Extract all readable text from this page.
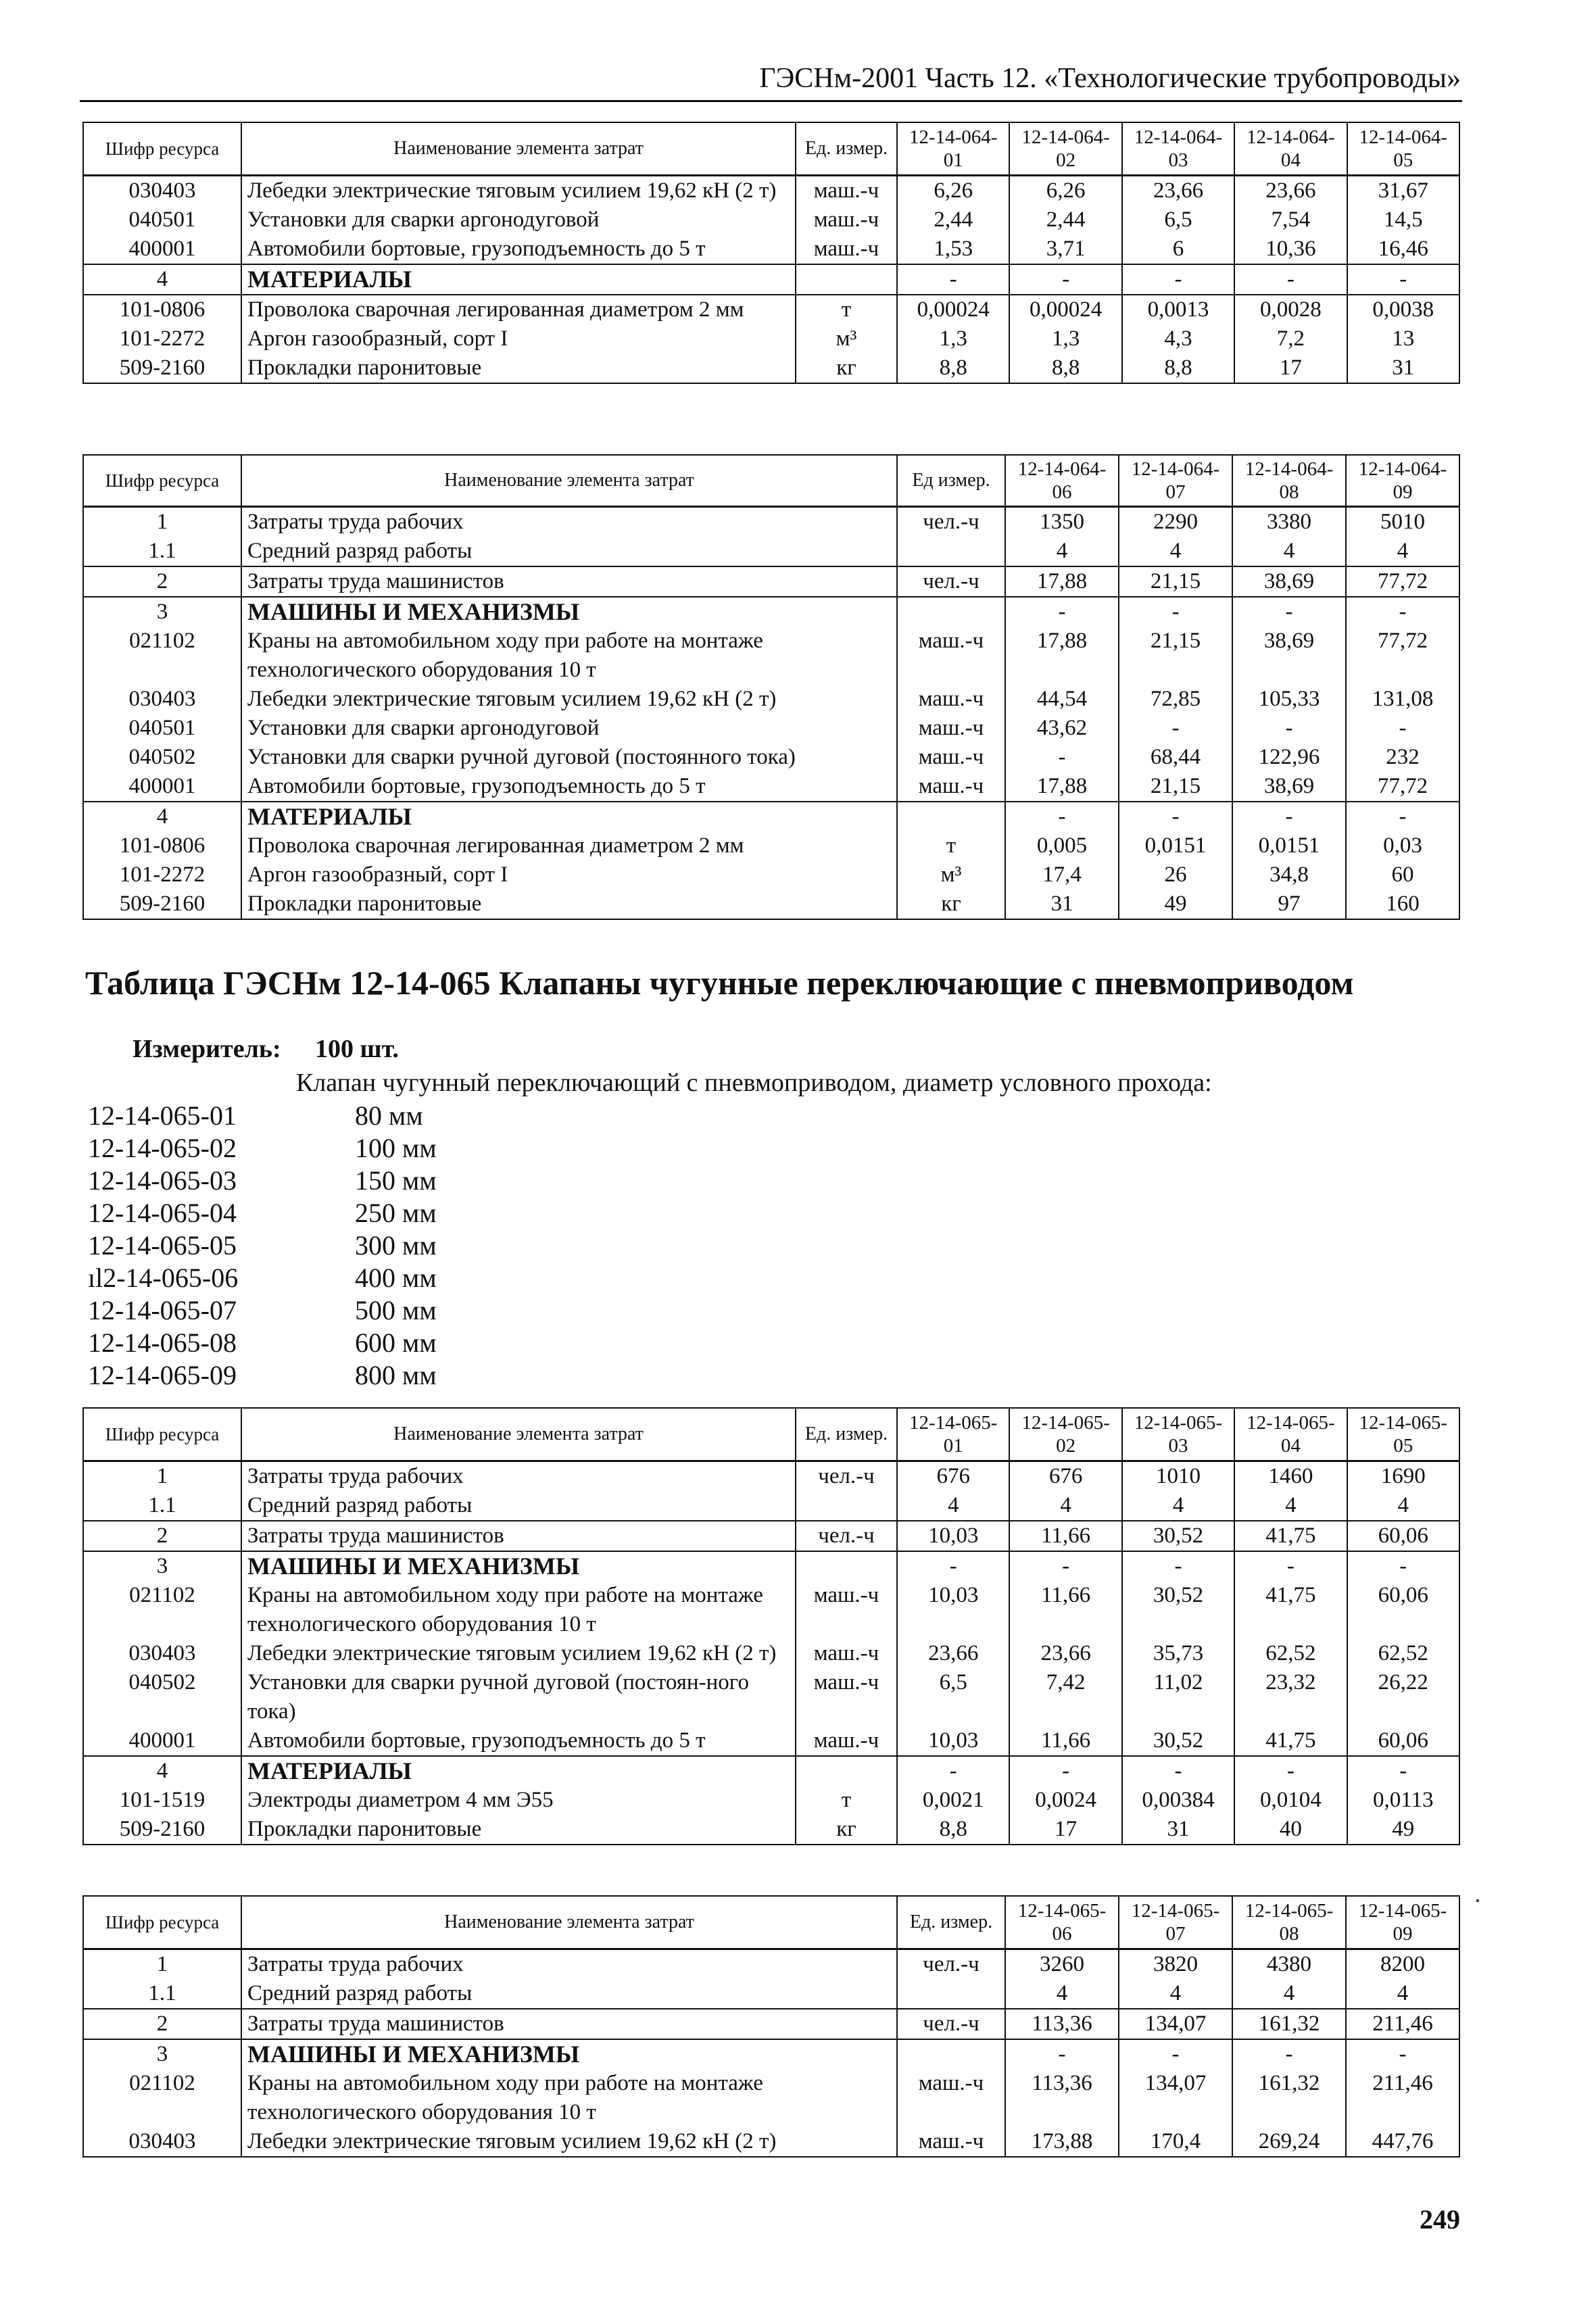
ГЭСНм-2001 Часть 12. «Технологические трубопроводы»
Шифр ресурса	Наименование элемента затрат	Ед. измер.	12-14-064-01	12-14-064-02	12-14-064-03	12-14-064-04	12-14-064-05
030403	Лебедки электрические тяговым усилием 19,62 кН (2 т)	маш.-ч	6,26	6,26	23,66	23,66	31,67
040501	Установки для сварки аргонодуговой	маш.-ч	2,44	2,44	6,5	7,54	14,5
400001	Автомобили бортовые, грузоподъемность до 5 т	маш.-ч	1,53	3,71	6	10,36	16,46
4	МАТЕРИАЛЫ		-	-	-	-	-
101-0806	Проволока сварочная легированная диаметром 2 мм	т	0,00024	0,00024	0,0013	0,0028	0,0038
101-2272	Аргон газообразный, сорт I	м³	1,3	1,3	4,3	7,2	13
509-2160	Прокладки паронитовые	кг	8,8	8,8	8,8	17	31
Шифр ресурса	Наименование элемента затрат	Ед измер.	12-14-064-06	12-14-064-07	12-14-064-08	12-14-064-09
1	Затраты труда рабочих	чел.-ч	1350	2290	3380	5010
1.1	Средний разряд работы		4	4	4	4
2	Затраты труда машинистов	чел.-ч	17,88	21,15	38,69	77,72
3	МАШИНЫ И МЕХАНИЗМЫ		-	-	-	-
021102	Краны на автомобильном ходу при работе на монтаже технологического оборудования 10 т	маш.-ч	17,88	21,15	38,69	77,72
030403	Лебедки электрические тяговым усилием 19,62 кН (2 т)	маш.-ч	44,54	72,85	105,33	131,08
040501	Установки для сварки аргонодуговой	маш.-ч	43,62	-	-	-
040502	Установки для сварки ручной дуговой (постоянного тока)	маш.-ч	-	68,44	122,96	232
400001	Автомобили бортовые, грузоподъемность до 5 т	маш.-ч	17,88	21,15	38,69	77,72
4	МАТЕРИАЛЫ		-	-	-	-
101-0806	Проволока сварочная легированная диаметром 2 мм	т	0,005	0,0151	0,0151	0,03
101-2272	Аргон газообразный, сорт I	м³	17,4	26	34,8	60
509-2160	Прокладки паронитовые	кг	31	49	97	160
Таблица ГЭСНм 12-14-065 Клапаны чугунные переключающие с пневмоприводом
Измеритель: 100 шт.
Клапан чугунный переключающий с пневмоприводом, диаметр условного прохода:
12-14-065-01	80 мм
12-14-065-02	100 мм
12-14-065-03	150 мм
12-14-065-04	250 мм
12-14-065-05	300 мм
ıl2-14-065-06	400 мм
12-14-065-07	500 мм
12-14-065-08	600 мм
12-14-065-09	800 мм
Шифр ресурса	Наименование элемента затрат	Ед. измер.	12-14-065-01	12-14-065-02	12-14-065-03	12-14-065-04	12-14-065-05
1	Затраты труда рабочих	чел.-ч	676	676	1010	1460	1690
1.1	Средний разряд работы		4	4	4	4	4
2	Затраты труда машинистов	чел.-ч	10,03	11,66	30,52	41,75	60,06
3	МАШИНЫ И МЕХАНИЗМЫ		-	-	-	-	-
021102	Краны на автомобильном ходу при работе на монтаже технологического оборудования 10 т	маш.-ч	10,03	11,66	30,52	41,75	60,06
030403	Лебедки электрические тяговым усилием 19,62 кН (2 т)	маш.-ч	23,66	23,66	35,73	62,52	62,52
040502	Установки для сварки ручной дуговой (постоян-ного тока)	маш.-ч	6,5	7,42	11,02	23,32	26,22
400001	Автомобили бортовые, грузоподъемность до 5 т	маш.-ч	10,03	11,66	30,52	41,75	60,06
4	МАТЕРИАЛЫ		-	-	-	-	-
101-1519	Электроды диаметром 4 мм Э55	т	0,0021	0,0024	0,00384	0,0104	0,0113
509-2160	Прокладки паронитовые	кг	8,8	17	31	40	49
Шифр ресурса	Наименование элемента затрат	Ед. измер.	12-14-065-06	12-14-065-07	12-14-065-08	12-14-065-09
1	Затраты труда рабочих	чел.-ч	3260	3820	4380	8200
1.1	Средний разряд работы		4	4	4	4
2	Затраты труда машинистов	чел.-ч	113,36	134,07	161,32	211,46
3	МАШИНЫ И МЕХАНИЗМЫ		-	-	-	-
021102	Краны на автомобильном ходу при работе на монтаже технологического оборудования 10 т	маш.-ч	113,36	134,07	161,32	211,46
030403	Лебедки электрические тяговым усилием 19,62 кН (2 т)	маш.-ч	173,88	170,4	269,24	447,76
249
